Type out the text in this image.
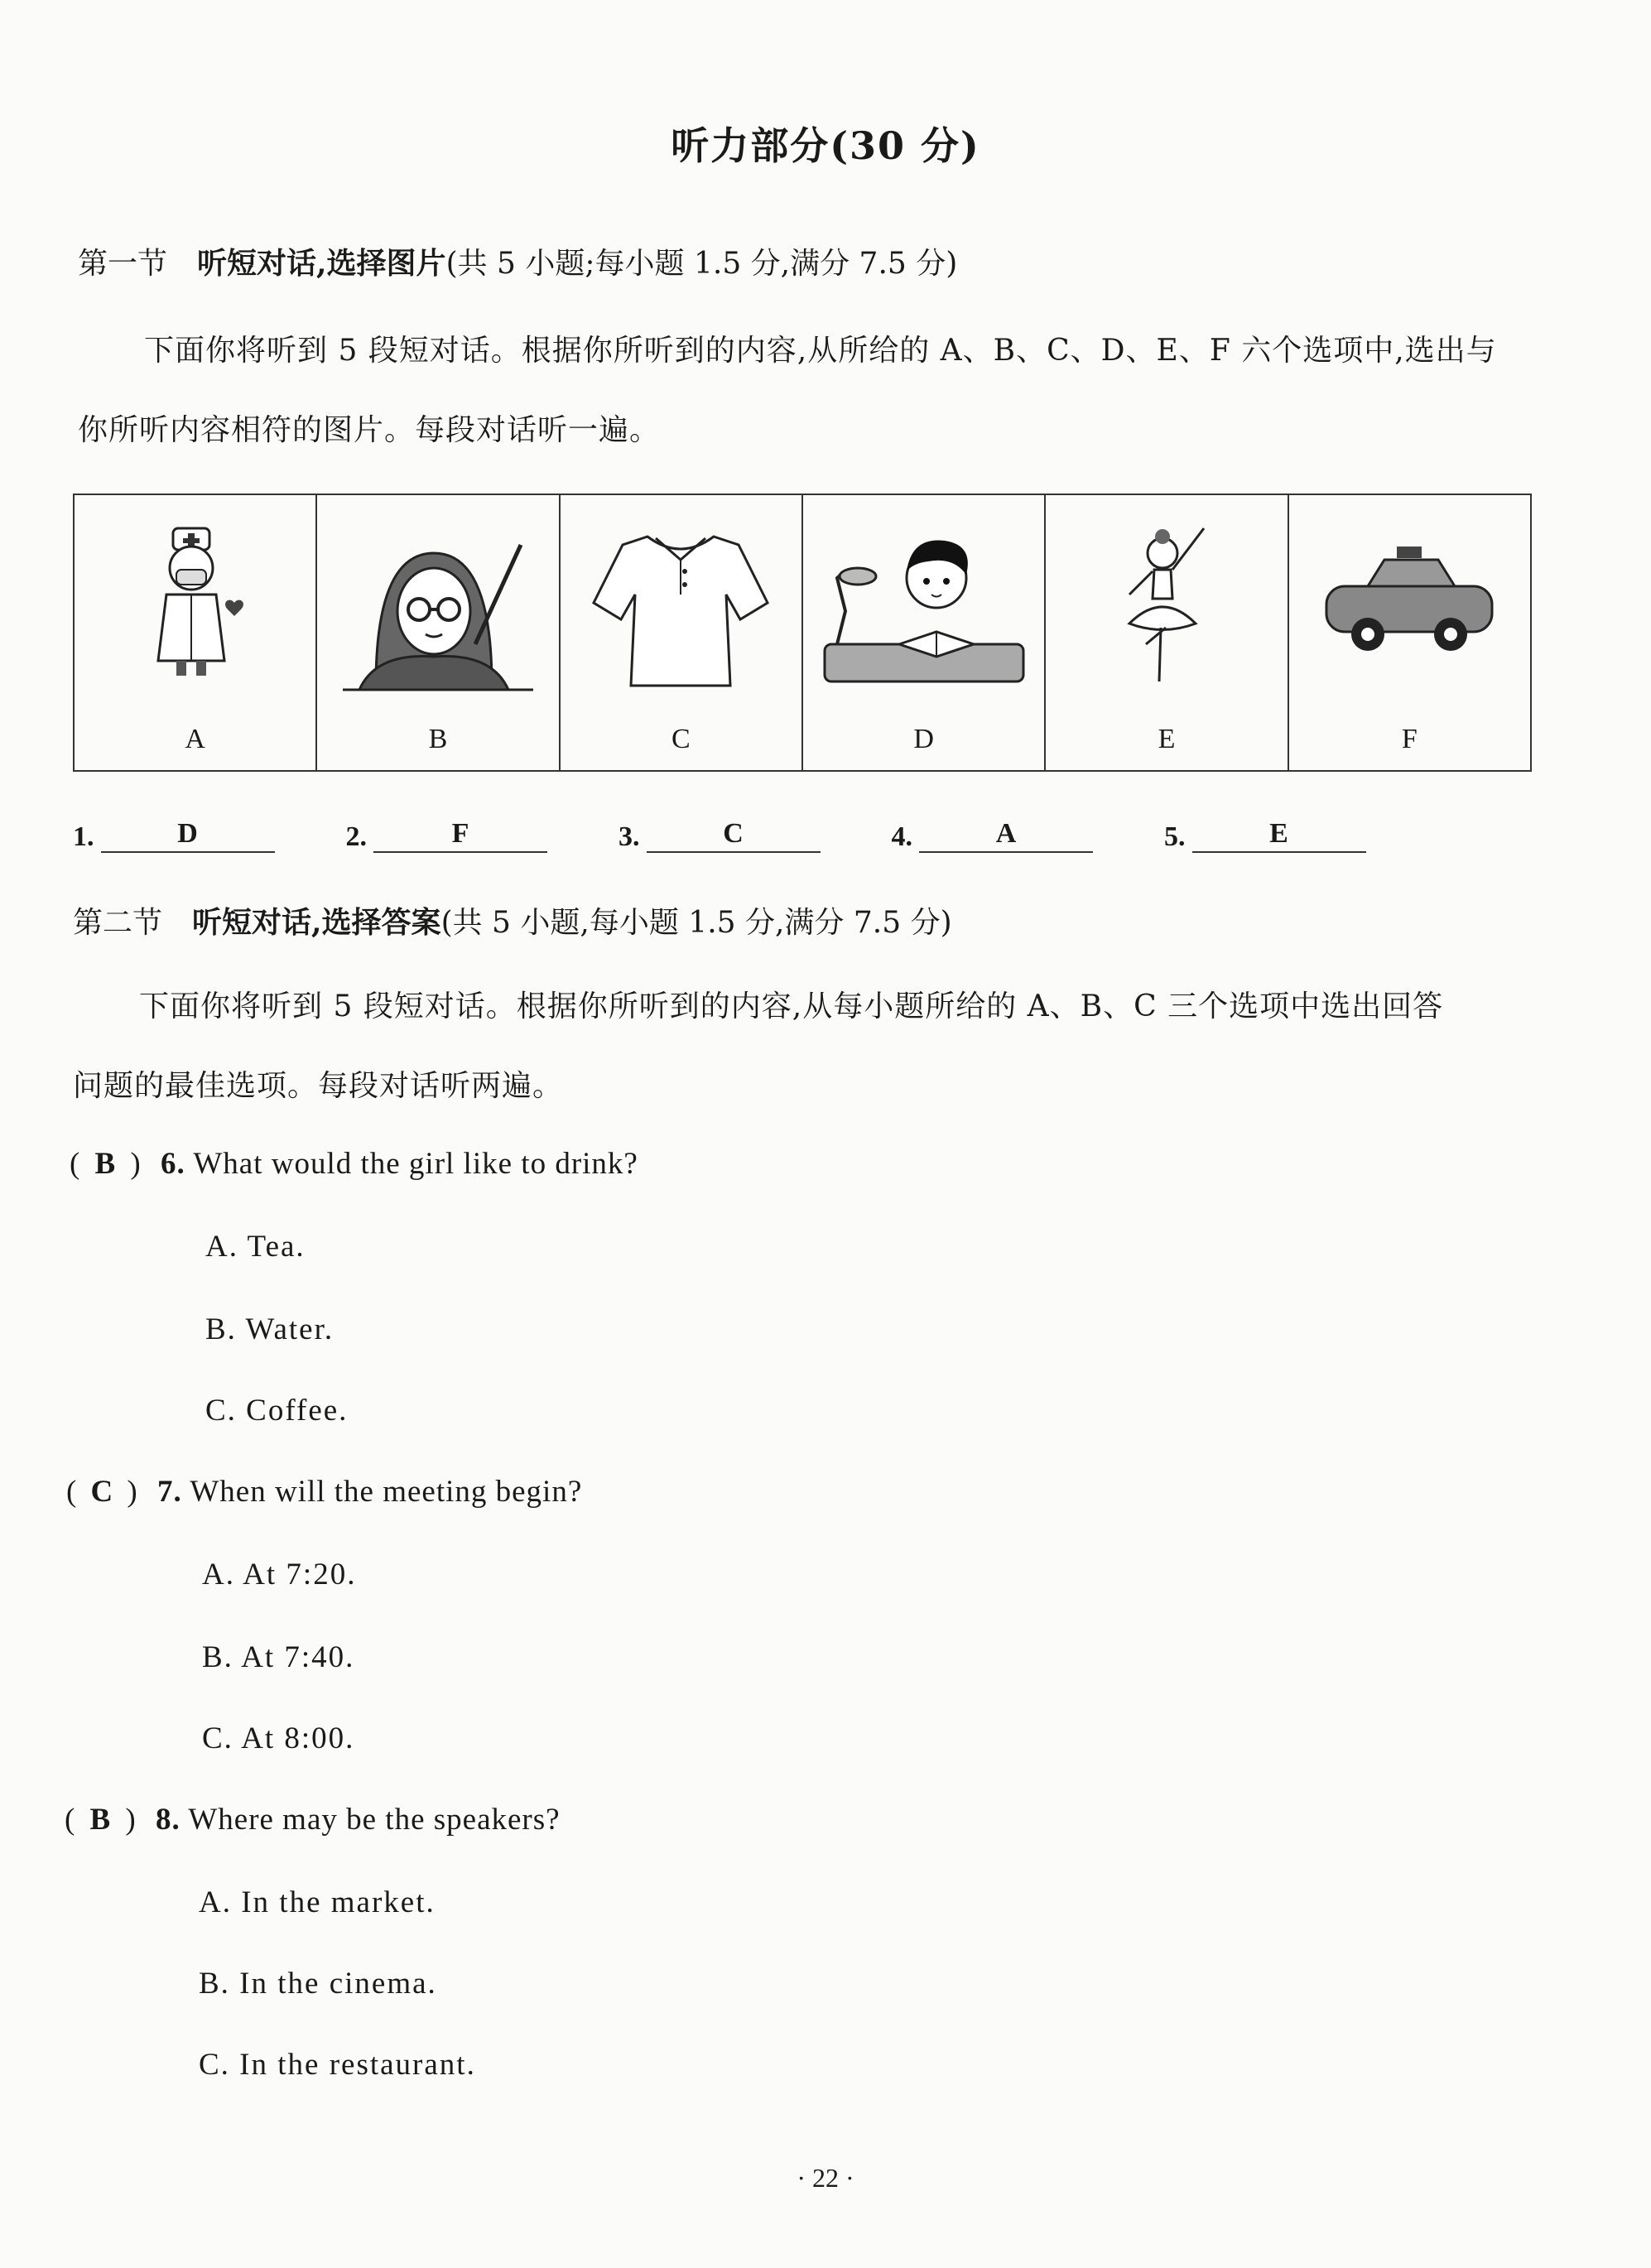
听力部分(30 分)
第一节 听短对话,选择图片(共 5 小题;每小题 1.5 分,满分 7.5 分)
下面你将听到 5 段短对话。根据你所听到的内容,从所给的 A、B、C、D、E、F 六个选项中,选出与
你所听内容相符的图片。每段对话听一遍。
A	B	C	D	E	F
1.	D	2.	F	3.	C	4.	A	5.	E
第二节 听短对话,选择答案(共 5 小题,每小题 1.5 分,满分 7.5 分)
下面你将听到 5 段短对话。根据你所听到的内容,从每小题所给的 A、B、C 三个选项中选出回答
问题的最佳选项。每段对话听两遍。
( B ) 6. What would the girl like to drink?
A. Tea.
B. Water.
C. Coffee.
( C ) 7. When will the meeting begin?
A. At 7:20.
B. At 7:40.
C. At 8:00.
( B ) 8. Where may be the speakers?
A. In the market.
B. In the cinema.
C. In the restaurant.
· 22 ·
